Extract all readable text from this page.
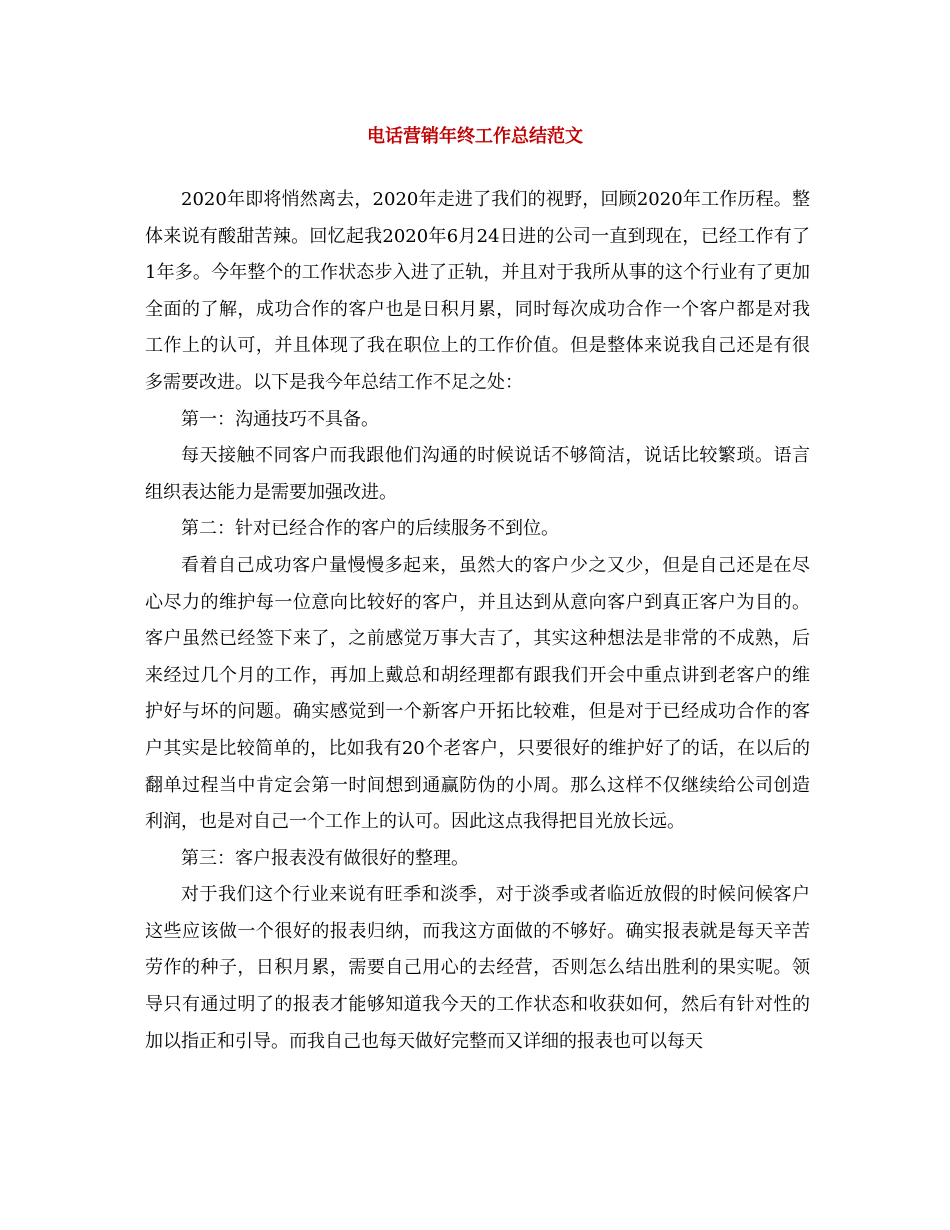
电话营销年终工作总结范文

2020年即将悄然离去，2020年走进了我们的视野，回顾2020年工作历程。整体来说有酸甜苦辣。回忆起我2020年6月24日进的公司一直到现在，已经工作有了1年多。今年整个的工作状态步入进了正轨，并且对于我所从事的这个行业有了更加全面的了解，成功合作的客户也是日积月累，同时每次成功合作一个客户都是对我工作上的认可，并且体现了我在职位上的工作价值。但是整体来说我自己还是有很多需要改进。以下是我今年总结工作不足之处：

第一：沟通技巧不具备。

每天接触不同客户而我跟他们沟通的时候说话不够简洁，说话比较繁琐。语言组织表达能力是需要加强改进。

第二：针对已经合作的客户的后续服务不到位。

看着自己成功客户量慢慢多起来，虽然大的客户少之又少，但是自己还是在尽心尽力的维护每一位意向比较好的客户，并且达到从意向客户到真正客户为目的。客户虽然已经签下来了，之前感觉万事大吉了，其实这种想法是非常的不成熟，后来经过几个月的工作，再加上戴总和胡经理都有跟我们开会中重点讲到老客户的维护好与坏的问题。确实感觉到一个新客户开拓比较难，但是对于已经成功合作的客户其实是比较简单的，比如我有20个老客户，只要很好的维护好了的话，在以后的翻单过程当中肯定会第一时间想到通赢防伪的小周。那么这样不仅继续给公司创造利润，也是对自己一个工作上的认可。因此这点我得把目光放长远。

第三：客户报表没有做很好的整理。

对于我们这个行业来说有旺季和淡季，对于淡季或者临近放假的时候问候客户这些应该做一个很好的报表归纳，而我这方面做的不够好。确实报表就是每天辛苦劳作的种子，日积月累，需要自己用心的去经营，否则怎么结出胜利的果实呢。领导只有通过明了的报表才能够知道我今天的工作状态和收获如何，然后有针对性的加以指正和引导。而我自己也每天做好完整而又详细的报表也可以每天
